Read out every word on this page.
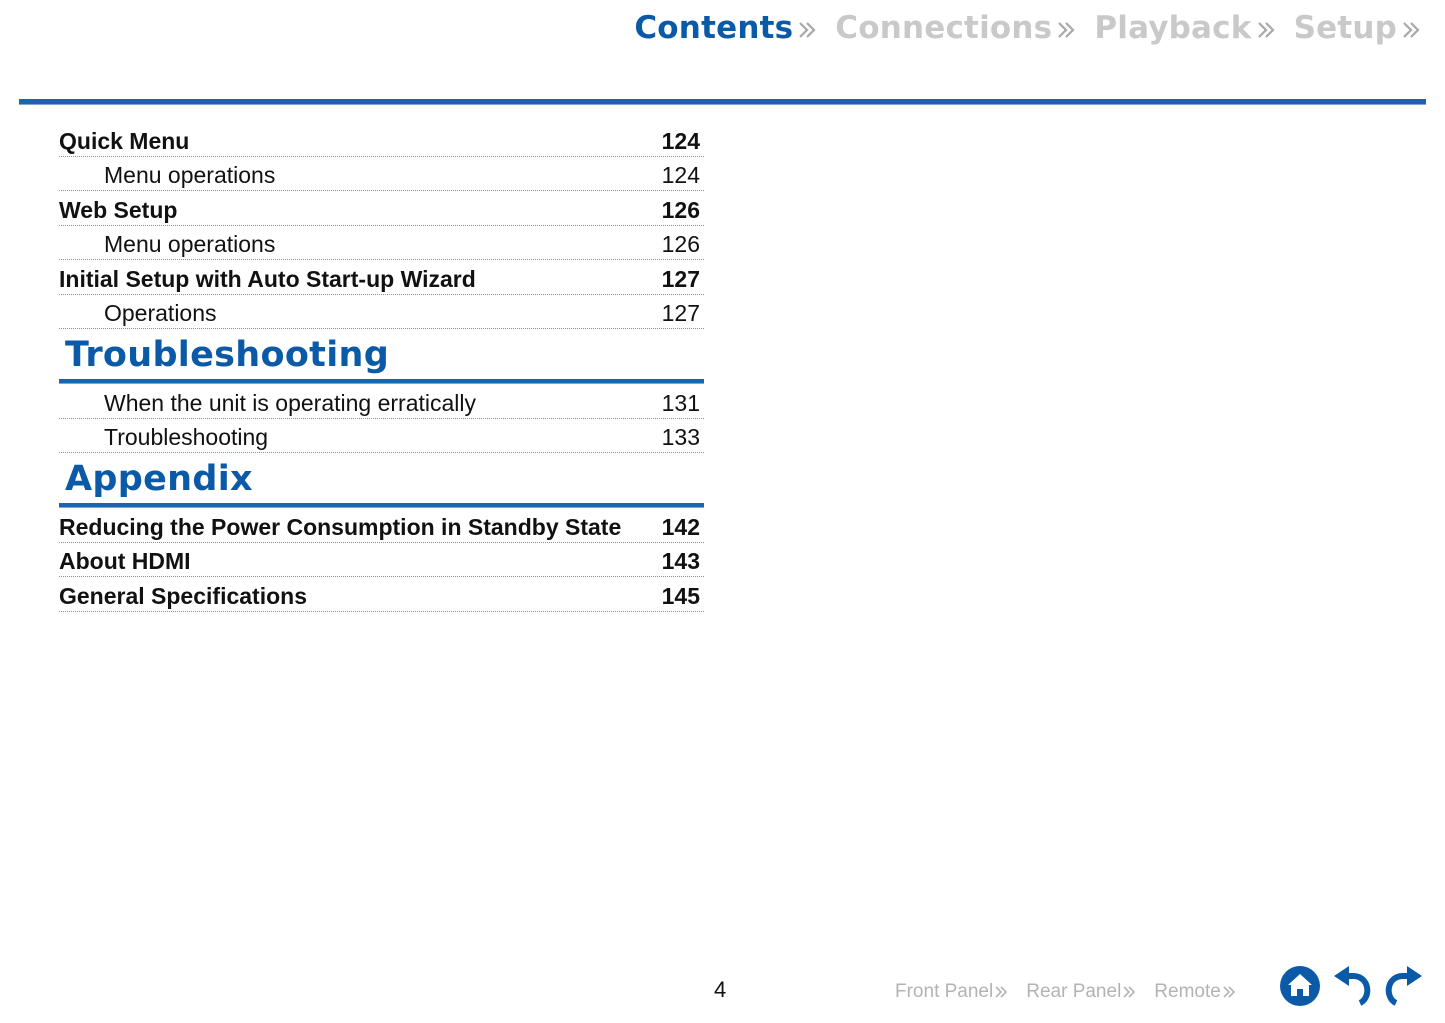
Contents Connections Playback Setup
Quick Menu	124
Menu operations	124
Web Setup	126
Menu operations	126
Initial Setup with Auto Start-up Wizard	127
Operations	127
Troubleshooting
When the unit is operating erratically	131
Troubleshooting	133
Appendix
Reducing the Power Consumption in Standby State 142
About HDMI	143
General Specifications	145
4	Front Panel Rear Panel Remote
